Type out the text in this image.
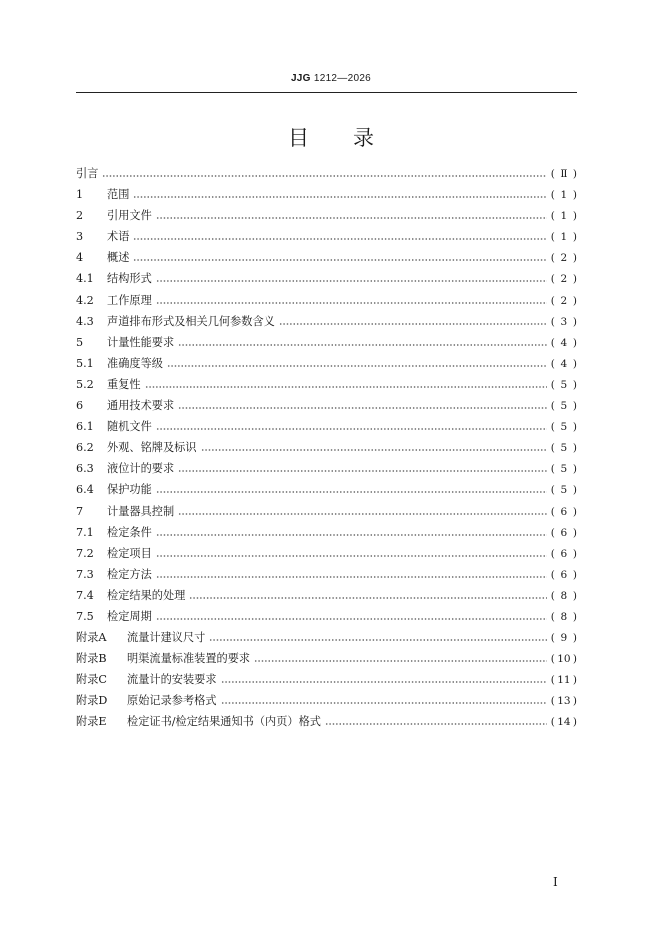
JJG 1212—2026
目录
引言	( Ⅱ )
1	范围	( 1 )
2	引用文件	( 1 )
3	术语	( 1 )
4	概述	( 2 )
4.1	结构形式	( 2 )
4.2	工作原理	( 2 )
4.3	声道排布形式及相关几何参数含义	( 3 )
5	计量性能要求	( 4 )
5.1	准确度等级	( 4 )
5.2	重复性	( 5 )
6	通用技术要求	( 5 )
6.1	随机文件	( 5 )
6.2	外观、铭牌及标识	( 5 )
6.3	液位计的要求	( 5 )
6.4	保护功能	( 5 )
7	计量器具控制	( 6 )
7.1	检定条件	( 6 )
7.2	检定项目	( 6 )
7.3	检定方法	( 6 )
7.4	检定结果的处理	( 8 )
7.5	检定周期	( 8 )
附录A	流量计建议尺寸	( 9 )
附录B	明渠流量标准装置的要求	( 10 )
附录C	流量计的安装要求	( 11 )
附录D	原始记录参考格式	( 13 )
附录E	检定证书/检定结果通知书（内页）格式	( 14 )
I
